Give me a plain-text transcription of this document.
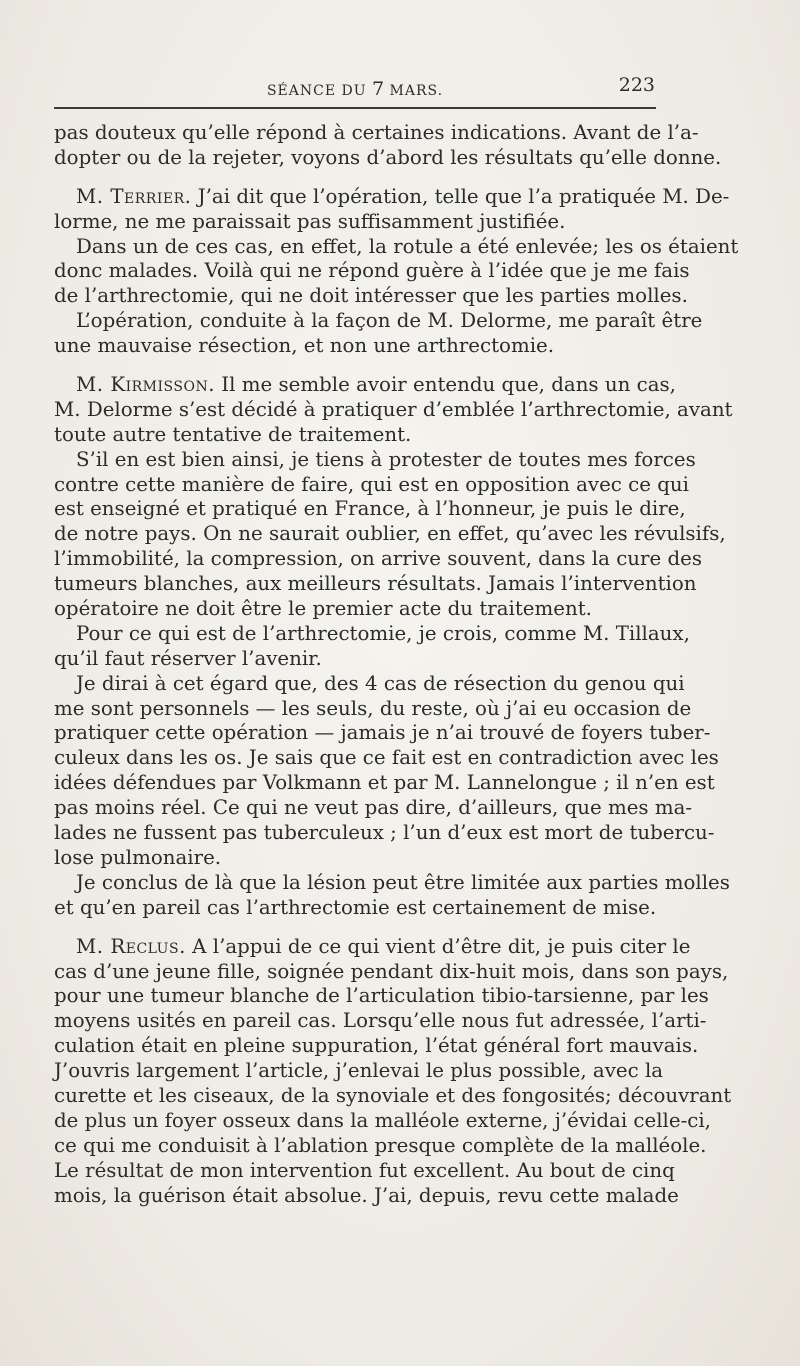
SÉANCE DU 7 MARS.	223
pas douteux qu’elle répond à certaines indications. Avant de l’a-
dopter ou de la rejeter, voyons d’abord les résultats qu’elle donne.
M. Terrier. J’ai dit que l’opération, telle que l’a pratiquée M. De-
lorme, ne me paraissait pas suffisamment justifiée.
Dans un de ces cas, en effet, la rotule a été enlevée; les os étaient
donc malades. Voilà qui ne répond guère à l’idée que je me fais
de l’arthrectomie, qui ne doit intéresser que les parties molles.
L’opération, conduite à la façon de M. Delorme, me paraît être
une mauvaise résection, et non une arthrectomie.
M. Kirmisson. Il me semble avoir entendu que, dans un cas,
M. Delorme s’est décidé à pratiquer d’emblée l’arthrectomie, avant
toute autre tentative de traitement.
S’il en est bien ainsi, je tiens à protester de toutes mes forces
contre cette manière de faire, qui est en opposition avec ce qui
est enseigné et pratiqué en France, à l’honneur, je puis le dire,
de notre pays. On ne saurait oublier, en effet, qu’avec les révulsifs,
l’immobilité, la compression, on arrive souvent, dans la cure des
tumeurs blanches, aux meilleurs résultats. Jamais l’intervention
opératoire ne doit être le premier acte du traitement.
Pour ce qui est de l’arthrectomie, je crois, comme M. Tillaux,
qu’il faut réserver l’avenir.
Je dirai à cet égard que, des 4 cas de résection du genou qui
me sont personnels — les seuls, du reste, où j’ai eu occasion de
pratiquer cette opération — jamais je n’ai trouvé de foyers tuber-
culeux dans les os. Je sais que ce fait est en contradiction avec les
idées défendues par Volkmann et par M. Lannelongue ; il n’en est
pas moins réel. Ce qui ne veut pas dire, d’ailleurs, que mes ma-
lades ne fussent pas tuberculeux ; l’un d’eux est mort de tubercu-
lose pulmonaire.
Je conclus de là que la lésion peut être limitée aux parties molles
et qu’en pareil cas l’arthrectomie est certainement de mise.
M. Reclus. A l’appui de ce qui vient d’être dit, je puis citer le
cas d’une jeune fille, soignée pendant dix-huit mois, dans son pays,
pour une tumeur blanche de l’articulation tibio-tarsienne, par les
moyens usités en pareil cas. Lorsqu’elle nous fut adressée, l’arti-
culation était en pleine suppuration, l’état général fort mauvais.
J’ouvris largement l’article, j’enlevai le plus possible, avec la
curette et les ciseaux, de la synoviale et des fongosités; découvrant
de plus un foyer osseux dans la malléole externe, j’évidai celle-ci,
ce qui me conduisit à l’ablation presque complète de la malléole.
Le résultat de mon intervention fut excellent. Au bout de cinq
mois, la guérison était absolue. J’ai, depuis, revu cette malade
